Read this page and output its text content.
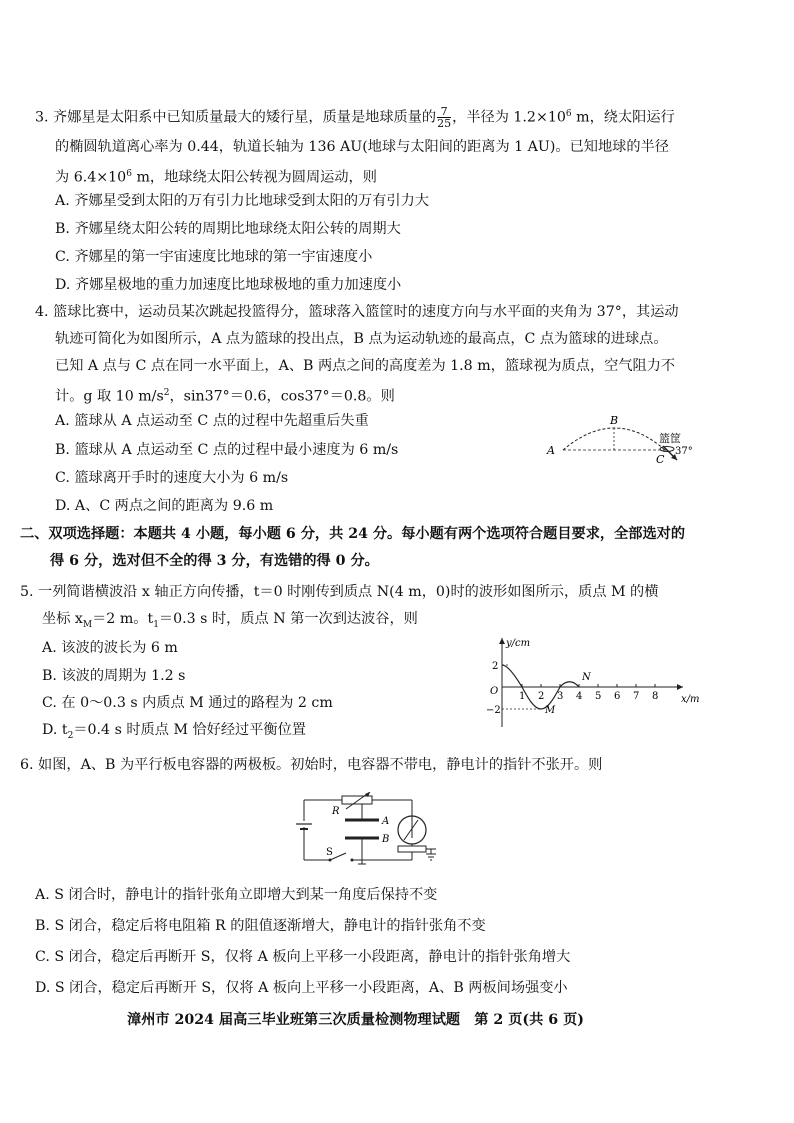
3. 齐娜星是太阳系中已知质量最大的矮行星，质量是地球质量的 $\frac{7}{25}$ ，半径为 $1.2\times 10^6$ m，绕太阳运行
的椭圆轨道离心率为 0.44，轨道长轴为 136 AU(地球与太阳间的距离为 1 AU)。已知地球的半径
为 $6.4\times 10^6$ m，地球绕太阳公转视为圆周运动，则
A. 齐娜星受到太阳的万有引力比地球受到太阳的万有引力大
B. 齐娜星绕太阳公转的周期比地球绕太阳公转的周期大
C. 齐娜星的第一宇宙速度比地球的第一宇宙速度小
D. 齐娜星极地的重力加速度比地球极地的重力加速度小
4. 篮球比赛中，运动员某次跳起投篮得分，篮球落入篮筐时的速度方向与水平面的夹角为 37°，其运动
轨迹可简化为如图所示，A 点为篮球的投出点，B 点为运动轨迹的最高点，C 点为篮球的进球点。
已知 A 点与 C 点在同一水平面上，A、B 两点之间的高度差为 1.8 m，篮球视为质点，空气阻力不
计。g 取 10 $m/s^2$，sin37°＝0.6，cos37°＝0.8。则
A. 篮球从 A 点运动至 C 点的过程中先超重后失重
B. 篮球从 A 点运动至 C 点的过程中最小速度为 6 m/s
C. 篮球离开手时的速度大小为 6 m/s
D. A、C 两点之间的距离为 9.6 m
A
B
C
篮筐
37°
二、双项选择题：本题共 4 小题，每小题 6 分，共 24 分。每小题有两个选项符合题目要求，全部选对的
得 6 分，选对但不全的得 3 分，有选错的得 0 分。
5. 一列简谐横波沿 x 轴正方向传播，t＝0 时刚传到质点 N(4 m，0)时的波形如图所示，质点 M 的横
坐标 $x_M=2$ m。$t_1=0.3$ s 时，质点 N 第一次到达波谷，则
A. 该波的波长为 6 m
B. 该波的周期为 1.2 s
C. 在 0～0.3 s 内质点 M 通过的路程为 2 cm
D. $t_2=0.4$ s 时质点 M 恰好经过平衡位置
y/cm
x/m
O
2
−2	M
N
1 2 3 4 5 6 7 8
6. 如图，A、B 为平行板电容器的两极板。初始时，电容器不带电，静电计的指针不张开。则
R
A
B
S
A. S 闭合时，静电计的指针张角立即增大到某一角度后保持不变
B. S 闭合，稳定后将电阻箱 R 的阻值逐渐增大，静电计的指针张角不变
C. S 闭合，稳定后再断开 S，仅将 A 板向上平移一小段距离，静电计的指针张角增大
D. S 闭合，稳定后再断开 S，仅将 A 板向上平移一小段距离，A、B 两板间场强变小
漳州市 2024 届高三毕业班第三次质量检测物理试题　第 2 页(共 6 页)
